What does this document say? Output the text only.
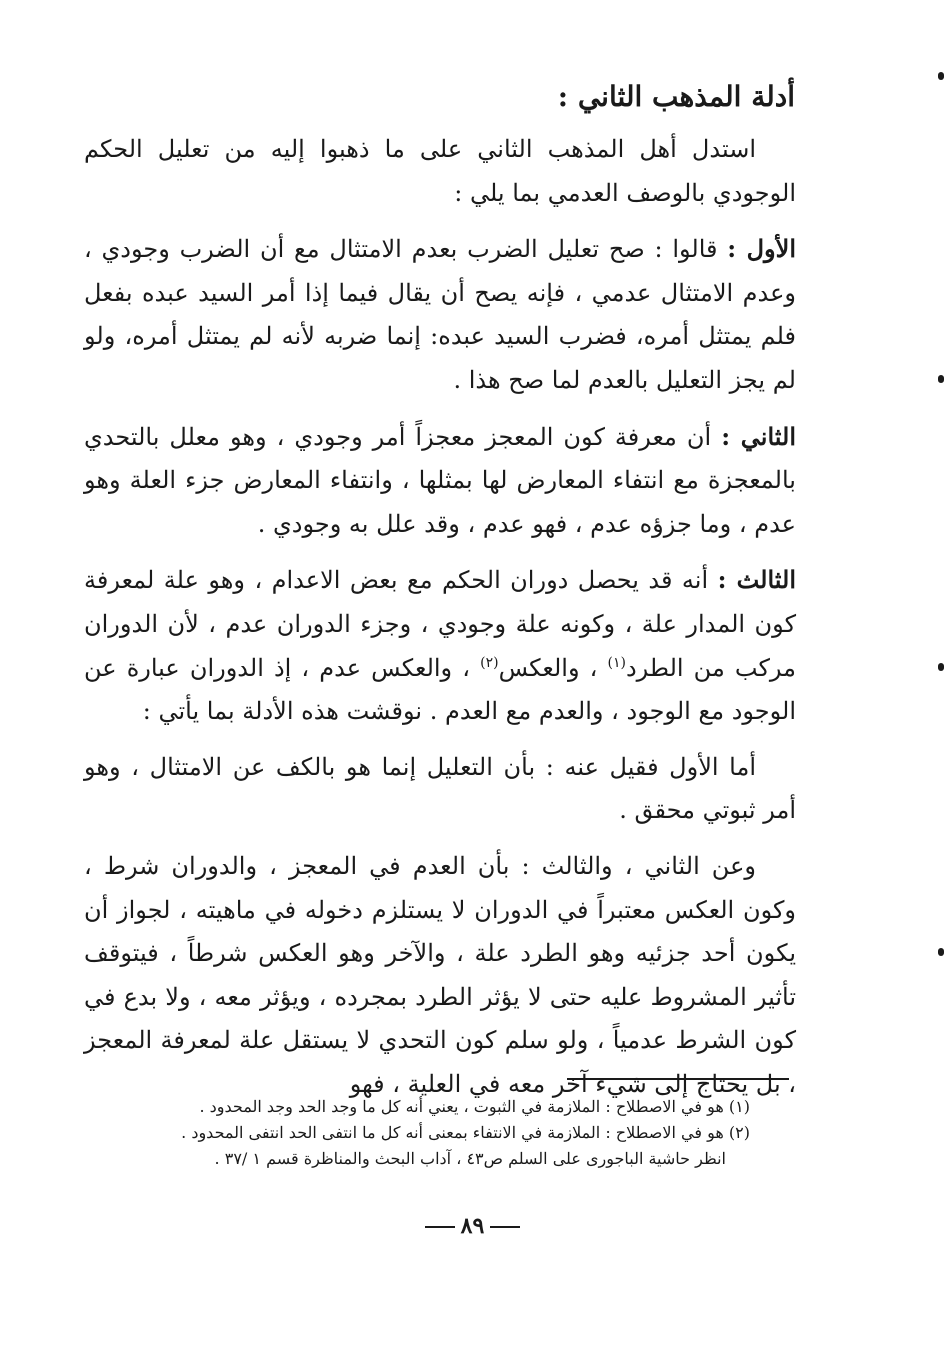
أدلة المذهب الثاني :

استدل أهل المذهب الثاني على ما ذهبوا إليه من تعليل الحكم الوجودي بالوصف العدمي بما يلي :

الأول : قالوا : صح تعليل الضرب بعدم الامتثال مع أن الضرب وجودي ، وعدم الامتثال عدمي ، فإنه يصح أن يقال فيما إذا أمر السيد عبده بفعل فلم يمتثل أمره، فضرب السيد عبده: إنما ضربه لأنه لم يمتثل أمره، ولو لم يجز التعليل بالعدم لما صح هذا .

الثاني : أن معرفة كون المعجز معجزاً أمر وجودي ، وهو معلل بالتحدي بالمعجزة مع انتفاء المعارض لها بمثلها ، وانتفاء المعارض جزء العلة وهو عدم ، وما جزؤه عدم ، فهو عدم ، وقد علل به وجودي .

الثالث : أنه قد يحصل دوران الحكم مع بعض الاعدام ، وهو علة لمعرفة كون المدار علة ، وكونه علة وجودي ، وجزء الدوران عدم ، لأن الدوران مركب من الطرد$^{(١)}$ ، والعكس$^{(٢)}$ ، والعكس عدم ، إذ الدوران عبارة عن الوجود مع الوجود ، والعدم مع العدم . نوقشت هذه الأدلة بما يأتي :

أما الأول فقيل عنه : بأن التعليل إنما هو بالكف عن الامتثال ، وهو أمر ثبوتي محقق .

وعن الثاني ، والثالث : بأن العدم في المعجز ، والدوران شرط ، وكون العكس معتبراً في الدوران لا يستلزم دخوله في ماهيته ، لجواز أن يكون أحد جزئيه وهو الطرد علة ، والآخر وهو العكس شرطاً ، فيتوقف تأثير المشروط عليه حتى لا يؤثر الطرد بمجرده ، ويؤثر معه ، ولا بدع في كون الشرط عدمياً ، ولو سلم كون التحدي لا يستقل علة لمعرفة المعجز ، بل يحتاج إلى شيء آخر معه في العلية ، فهو

(١) هو في الاصطلاح : الملازمة في الثبوت ، يعني أنه كل ما وجد الحد وجد المحدود .
(٢) هو في الاصطلاح : الملازمة في الانتفاء بمعنى أنه كل ما انتفى الحد انتفى المحدود .
انظر حاشية الباجورى على السلم ص٤٣ ، آداب البحث والمناظرة قسم ١ /٣٧ .
٨٩
